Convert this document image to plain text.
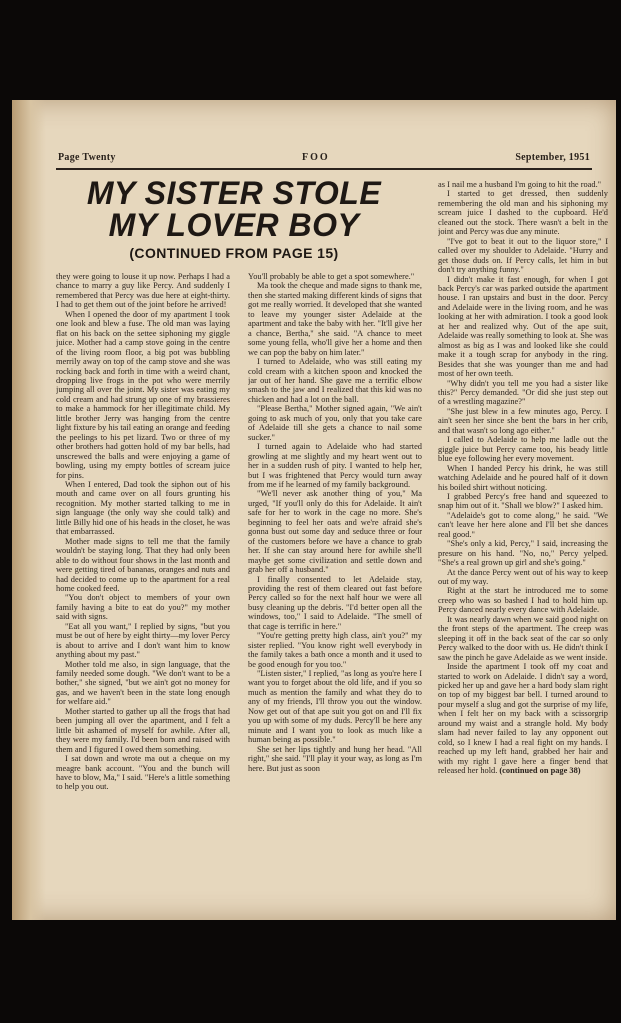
Page Twenty	FOO	September, 1951
MY SISTER STOLE
MY LOVER BOY
(CONTINUED FROM PAGE 15)

they were going to louse it up now. Perhaps I had a chance to marry a guy like Percy. And suddenly I remembered that Percy was due here at eight-thirty. I had to get them out of the joint before he arrived!

When I opened the door of my apartment I took one look and blew a fuse. The old man was laying flat on his back on the settee siphoning my giggle juice. Mother had a camp stove going in the centre of the living room floor, a big pot was bubbling merrily away on top of the camp stove and she was rocking back and forth in time with a weird chant, dropping live frogs in the pot who were merrily jumping all over the joint. My sister was eating my cold cream and had strung up one of my brassieres to make a hammock for her illegitimate child. My little brother Jerry was hanging from the centre light fixture by his tail eating an orange and feeding the peelings to his pet lizard. Two or three of my other brothers had gotten hold of my bar bells, had unscrewed the balls and were enjoying a game of bowling, using my empty bottles of scream juice for pins.

When I entered, Dad took the siphon out of his mouth and came over on all fours grunting his recognition. My mother started talking to me in sign language (the only way she could talk) and little Billy hid one of his heads in the closet, he was that embarrassed.

Mother made signs to tell me that the family wouldn't be staying long. That they had only been able to do without four shows in the last month and were getting tired of bananas, oranges and nuts and had decided to come up to the apartment for a real home cooked feed.

"You don't object to members of your own family having a bite to eat do you?" my mother said with signs.

"Eat all you want," I replied by signs, "but you must be out of here by eight thirty—my lover Percy is about to arrive and I don't want him to know anything about my past."

Mother told me also, in sign language, that the family needed some dough. "We don't want to be a bother," she signed, "but we ain't got no money for gas, and we haven't been in the state long enough for welfare aid."

Mother started to gather up all the frogs that had been jumping all over the apartment, and I felt a little bit ashamed of myself for awhile. After all, they were my family. I'd been born and raised with them and I figured I owed them something.

I sat down and wrote ma out a cheque on my meagre bank account. "You and the bunch will have to blow, Ma," I said. "Here's a little something to help you out.

You'll probably be able to get a spot somewhere."

Ma took the cheque and made signs to thank me, then she started making different kinds of signs that got me really worried. It developed that she wanted to leave my younger sister Adelaide at the apartment and take the baby with her. "It'll give her a chance, Bertha," she said. "A chance to meet some young fella, who'll give her a home and then we can pop the baby on him later."

I turned to Adelaide, who was still eating my cold cream with a kitchen spoon and knocked the jar out of her hand. She gave me a terrific elbow smash to the jaw and I realized that this kid was no chicken and had a lot on the ball.

"Please Bertha," Mother signed again, "We ain't going to ask much of you, only that you take care of Adelaide till she gets a chance to nail some sucker."

I turned again to Adelaide who had started growling at me slightly and my heart went out to her in a sudden rush of pity. I wanted to help her, but I was frightened that Percy would turn away from me if he learned of my family background.

"We'll never ask another thing of you," Ma urged, "If you'll only do this for Adelaide. It ain't safe for her to work in the cage no more. She's beginning to feel her oats and we're afraid she's gonna bust out some day and seduce three or four of the customers before we have a chance to grab her. If she can stay around here for awhile she'll maybe get some civilization and settle down and grab her off a husband."

I finally consented to let Adelaide stay, providing the rest of them cleared out fast before Percy called so for the next half hour we were all busy cleaning up the debris. "I'd better open all the windows, too," I said to Adelaide. "The smell of that cage is terrific in here."

"You're getting pretty high class, ain't you?" my sister replied. "You know right well everybody in the family takes a bath once a month and it used to be good enough for you too."

"Listen sister," I replied, "as long as you're here I want you to forget about the old life, and if you so much as mention the family and what they do to any of my friends, I'll throw you out the window. Now get out of that ape suit you got on and I'll fix you up with some of my duds. Percy'll be here any minute and I want you to look as much like a human being as possible."

She set her lips tightly and hung her head. "All right," she said. "I'll play it your way, as long as I'm here. But just as soon

as I nail me a husband I'm going to hit the road."

I started to get dressed, then suddenly remembering the old man and his siphoning my scream juice I dashed to the cupboard. He'd cleaned out the stock. There wasn't a belt in the joint and Percy was due any minute.

"I've got to beat it out to the liquor store," I called over my shoulder to Adelaide. "Hurry and get those duds on. If Percy calls, let him in but don't try anything funny."

I didn't make it fast enough, for when I got back Percy's car was parked outside the apartment house. I ran upstairs and bust in the door. Percy and Adelaide were in the living room, and he was looking at her with admiration. I took a good look at her and realized why. Out of the ape suit, Adelaide was really something to look at. She was almost as big as I was and looked like she could make it a tough scrap for anybody in the ring. Besides that she was younger than me and had most of her own teeth.

"Why didn't you tell me you had a sister like this?" Percy demanded. "Or did she just step out of a wrestling magazine?"

"She just blew in a few minutes ago, Percy. I ain't seen her since she bent the bars in her crib, and that wasn't so long ago either."

I called to Adelaide to help me ladle out the giggle juice but Percy came too, his beady little blue eye following her every movement.

When I handed Percy his drink, he was still watching Adelaide and he poured half of it down his boiled shirt without noticing.

I grabbed Percy's free hand and squeezed to snap him out of it. "Shall we blow?" I asked him.

"Adelaide's got to come along," he said. "We can't leave her here alone and I'll bet she dances real good."

"She's only a kid, Percy," I said, increasing the presure on his hand. "No, no," Percy yelped. "She's a real grown up girl and she's going."

At the dance Percy went out of his way to keep out of my way.

Right at the start he introduced me to some creep who was so bashed I had to hold him up. Percy danced nearly every dance with Adelaide.

It was nearly dawn when we said good night on the front steps of the apartment. The creep was sleeping it off in the back seat of the car so only Percy walked to the door with us. He didn't think I saw the pinch he gave Adelaide as we went inside.

Inside the apartment I took off my coat and started to work on Adelaide. I didn't say a word, picked her up and gave her a hard body slam right on top of my biggest bar bell. I turned around to pour myself a slug and got the surprise of my life, when I felt her on my back with a scissorgrip around my waist and a strangle hold. My body slam had never failed to lay any opponent out cold, so I knew I had a real fight on my hands. I reached up my left hand, grabbed her hair and with my right I gave here a finger bend that released her hold. (continued on page 38)
